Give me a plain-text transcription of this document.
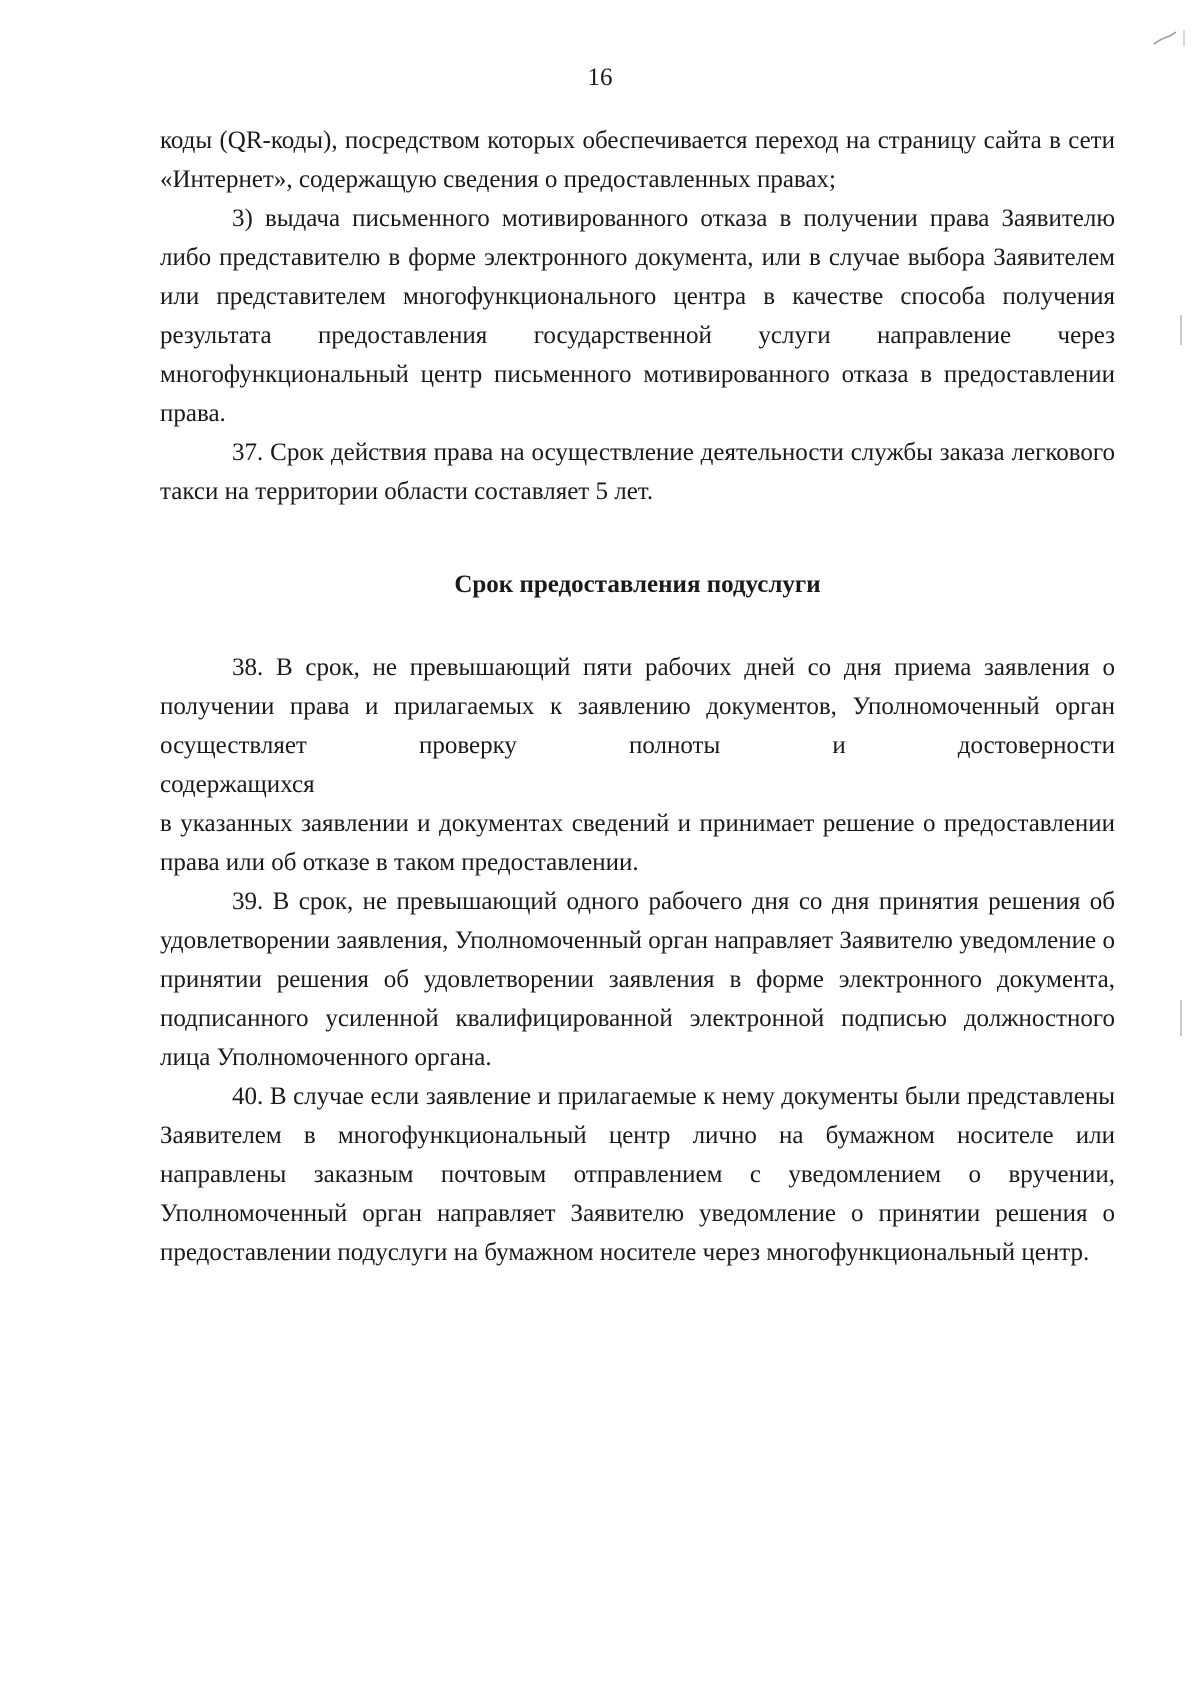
16

коды (QR-коды), посредством которых обеспечивается переход на страницу сайта в сети «Интернет», содержащую сведения о предоставленных правах;

3) выдача письменного мотивированного отказа в получении права Заявителю либо представителю в форме электронного документа, или в случае выбора Заявителем или представителем многофункционального центра в качестве способа получения результата предоставления государственной услуги направление через многофункциональный центр письменного мотивированного отказа в предоставлении права.

37. Срок действия права на осуществление деятельности службы заказа легкового такси на территории области составляет 5 лет.

Срок предоставления подуслуги

38. В срок, не превышающий пяти рабочих дней со дня приема заявления о получении права и прилагаемых к заявлению документов, Уполномоченный орган осуществляет проверку полноты и достоверности

содержащихся

в указанных заявлении и документах сведений и принимает решение о предоставлении права или об отказе в таком предоставлении.

39. В срок, не превышающий одного рабочего дня со дня принятия решения об удовлетворении заявления, Уполномоченный орган направляет Заявителю уведомление о принятии решения об удовлетворении заявления в форме электронного документа, подписанного усиленной квалифицированной электронной подписью должностного лица Уполномоченного органа.

40. В случае если заявление и прилагаемые к нему документы были представлены Заявителем в многофункциональный центр лично на бумажном носителе или направлены заказным почтовым отправлением с уведомлением о вручении, Уполномоченный орган направляет Заявителю уведомление о принятии решения о предоставлении подуслуги на бумажном носителе через многофункциональный центр.
